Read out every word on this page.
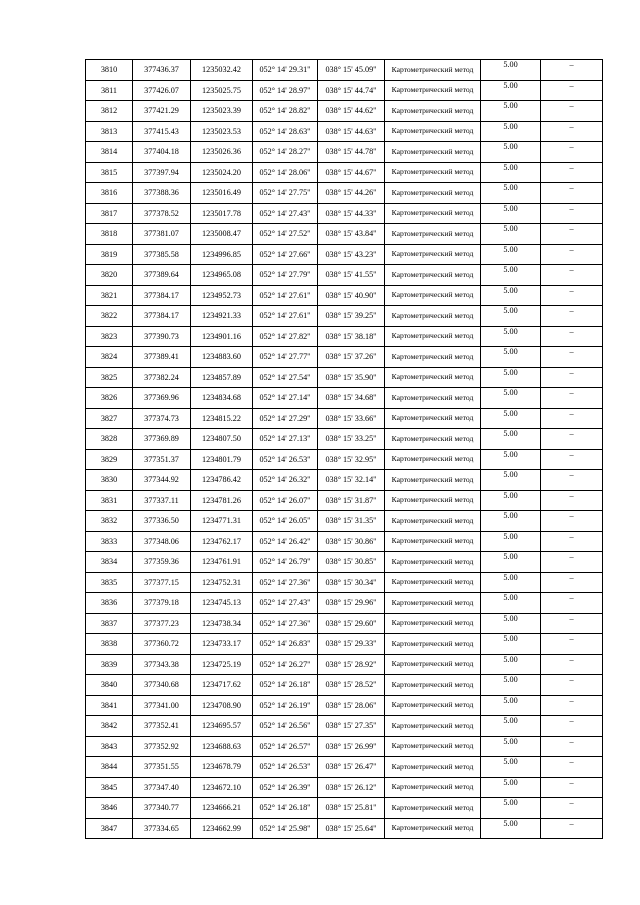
3810	377436.37	1235032.42	052° 14' 29.31"	038° 15' 45.09"	Картометрический метод	5.00	–
3811	377426.07	1235025.75	052° 14' 28.97"	038° 15' 44.74"	Картометрический метод	5.00	–
3812	377421.29	1235023.39	052° 14' 28.82"	038° 15' 44.62"	Картометрический метод	5.00	–
3813	377415.43	1235023.53	052° 14' 28.63"	038° 15' 44.63"	Картометрический метод	5.00	–
3814	377404.18	1235026.36	052° 14' 28.27"	038° 15' 44.78"	Картометрический метод	5.00	–
3815	377397.94	1235024.20	052° 14' 28.06"	038° 15' 44.67"	Картометрический метод	5.00	–
3816	377388.36	1235016.49	052° 14' 27.75"	038° 15' 44.26"	Картометрический метод	5.00	–
3817	377378.52	1235017.78	052° 14' 27.43"	038° 15' 44.33"	Картометрический метод	5.00	–
3818	377381.07	1235008.47	052° 14' 27.52"	038° 15' 43.84"	Картометрический метод	5.00	–
3819	377385.58	1234996.85	052° 14' 27.66"	038° 15' 43.23"	Картометрический метод	5.00	–
3820	377389.64	1234965.08	052° 14' 27.79"	038° 15' 41.55"	Картометрический метод	5.00	–
3821	377384.17	1234952.73	052° 14' 27.61"	038° 15' 40.90"	Картометрический метод	5.00	–
3822	377384.17	1234921.33	052° 14' 27.61"	038° 15' 39.25"	Картометрический метод	5.00	–
3823	377390.73	1234901.16	052° 14' 27.82"	038° 15' 38.18"	Картометрический метод	5.00	–
3824	377389.41	1234883.60	052° 14' 27.77"	038° 15' 37.26"	Картометрический метод	5.00	–
3825	377382.24	1234857.89	052° 14' 27.54"	038° 15' 35.90"	Картометрический метод	5.00	–
3826	377369.96	1234834.68	052° 14' 27.14"	038° 15' 34.68"	Картометрический метод	5.00	–
3827	377374.73	1234815.22	052° 14' 27.29"	038° 15' 33.66"	Картометрический метод	5.00	–
3828	377369.89	1234807.50	052° 14' 27.13"	038° 15' 33.25"	Картометрический метод	5.00	–
3829	377351.37	1234801.79	052° 14' 26.53"	038° 15' 32.95"	Картометрический метод	5.00	–
3830	377344.92	1234786.42	052° 14' 26.32"	038° 15' 32.14"	Картометрический метод	5.00	–
3831	377337.11	1234781.26	052° 14' 26.07"	038° 15' 31.87"	Картометрический метод	5.00	–
3832	377336.50	1234771.31	052° 14' 26.05"	038° 15' 31.35"	Картометрический метод	5.00	–
3833	377348.06	1234762.17	052° 14' 26.42"	038° 15' 30.86"	Картометрический метод	5.00	–
3834	377359.36	1234761.91	052° 14' 26.79"	038° 15' 30.85"	Картометрический метод	5.00	–
3835	377377.15	1234752.31	052° 14' 27.36"	038° 15' 30.34"	Картометрический метод	5.00	–
3836	377379.18	1234745.13	052° 14' 27.43"	038° 15' 29.96"	Картометрический метод	5.00	–
3837	377377.23	1234738.34	052° 14' 27.36"	038° 15' 29.60"	Картометрический метод	5.00	–
3838	377360.72	1234733.17	052° 14' 26.83"	038° 15' 29.33"	Картометрический метод	5.00	–
3839	377343.38	1234725.19	052° 14' 26.27"	038° 15' 28.92"	Картометрический метод	5.00	–
3840	377340.68	1234717.62	052° 14' 26.18"	038° 15' 28.52"	Картометрический метод	5.00	–
3841	377341.00	1234708.90	052° 14' 26.19"	038° 15' 28.06"	Картометрический метод	5.00	–
3842	377352.41	1234695.57	052° 14' 26.56"	038° 15' 27.35"	Картометрический метод	5.00	–
3843	377352.92	1234688.63	052° 14' 26.57"	038° 15' 26.99"	Картометрический метод	5.00	–
3844	377351.55	1234678.79	052° 14' 26.53"	038° 15' 26.47"	Картометрический метод	5.00	–
3845	377347.40	1234672.10	052° 14' 26.39"	038° 15' 26.12"	Картометрический метод	5.00	–
3846	377340.77	1234666.21	052° 14' 26.18"	038° 15' 25.81"	Картометрический метод	5.00	–
3847	377334.65	1234662.99	052° 14' 25.98"	038° 15' 25.64"	Картометрический метод	5.00	–
